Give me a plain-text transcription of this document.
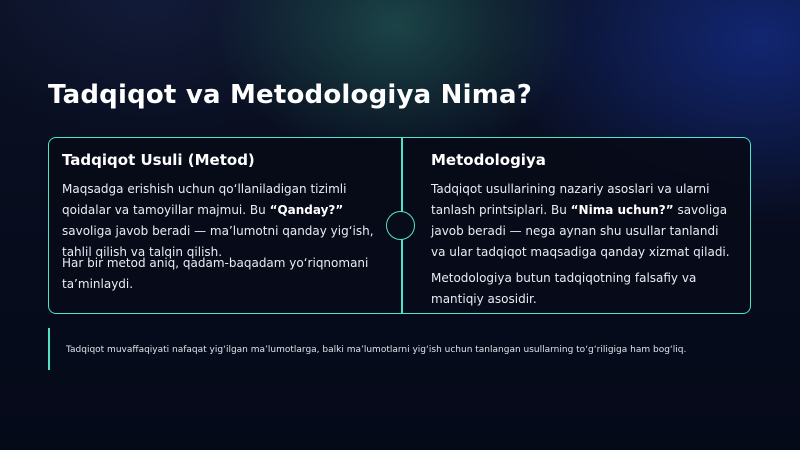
Tadqiqot va Metodologiya Nima?
Tadqiqot Usuli (Metod)

Maqsadga erishish uchun qo‘llaniladigan tizimli qoidalar va tamoyillar majmui. Bu “Qanday?” savoliga javob beradi — ma’lumotni qanday yig‘ish, tahlil qilish va talqin qilish.

Har bir metod aniq, qadam-baqadam yo‘riqnomani ta’minlaydi.

Metodologiya

Tadqiqot usullarining nazariy asoslari va ularni tanlash printsiplari. Bu “Nima uchun?” savoliga javob beradi — nega aynan shu usullar tanlandi va ular tadqiqot maqsadiga qanday xizmat qiladi.

Metodologiya butun tadqiqotning falsafiy va mantiqiy asosidir.

Tadqiqot muvaffaqiyati nafaqat yig‘ilgan ma’lumotlarga, balki ma’lumotlarni yig‘ish uchun tanlangan usullarning to‘g‘riligiga ham bog‘liq.
